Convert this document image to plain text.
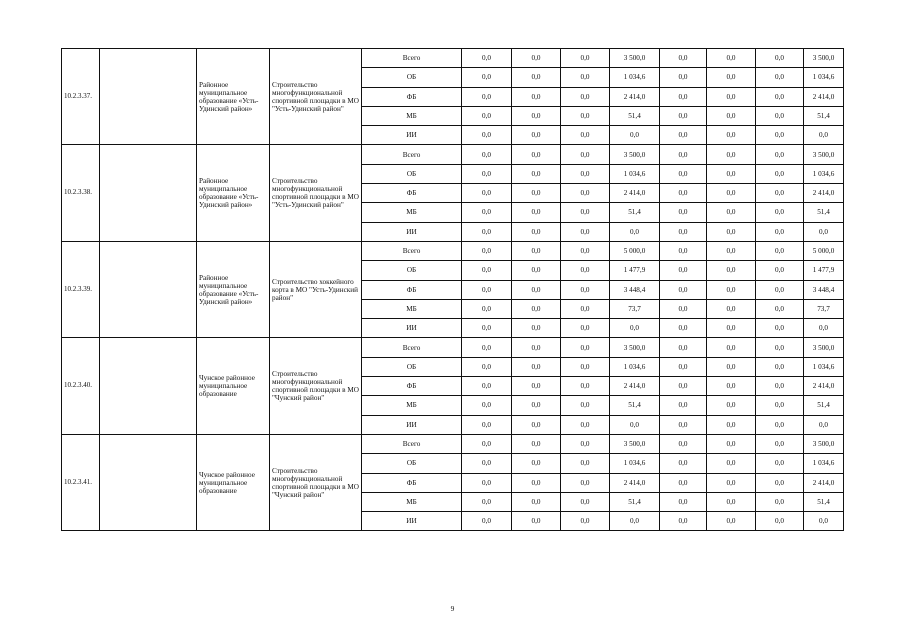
10.2.3.37.		Районное муниципальное образование «Усть-Удинский район»	Строительство многофункциональной спортивной площадки в МО "Усть-Удинский район"	Всего	0,0	0,0	0,0	3 500,0	0,0	0,0	0,0	3 500,0
				ОБ	0,0	0,0	0,0	1 034,6	0,0	0,0	0,0	1 034,6
				ФБ	0,0	0,0	0,0	2 414,0	0,0	0,0	0,0	2 414,0
				МБ	0,0	0,0	0,0	51,4	0,0	0,0	0,0	51,4
				ИИ	0,0	0,0	0,0	0,0	0,0	0,0	0,0	0,0
10.2.3.38.		Районное муниципальное образование «Усть-Удинский район»	Строительство многофункциональной спортивной площадки в МО "Усть-Удинский район"	Всего	0,0	0,0	0,0	3 500,0	0,0	0,0	0,0	3 500,0
				ОБ	0,0	0,0	0,0	1 034,6	0,0	0,0	0,0	1 034,6
				ФБ	0,0	0,0	0,0	2 414,0	0,0	0,0	0,0	2 414,0
				МБ	0,0	0,0	0,0	51,4	0,0	0,0	0,0	51,4
				ИИ	0,0	0,0	0,0	0,0	0,0	0,0	0,0	0,0
10.2.3.39.		Районное муниципальное образование «Усть-Удинский район»	Строительство хоккейного корта в МО "Усть-Удинский район"	Всего	0,0	0,0	0,0	5 000,0	0,0	0,0	0,0	5 000,0
				ОБ	0,0	0,0	0,0	1 477,9	0,0	0,0	0,0	1 477,9
				ФБ	0,0	0,0	0,0	3 448,4	0,0	0,0	0,0	3 448,4
				МБ	0,0	0,0	0,0	73,7	0,0	0,0	0,0	73,7
				ИИ	0,0	0,0	0,0	0,0	0,0	0,0	0,0	0,0
10.2.3.40.		Чунское районное муниципальное образование	Строительство многофункциональной спортивной площадки в МО "Чунский район"	Всего	0,0	0,0	0,0	3 500,0	0,0	0,0	0,0	3 500,0
				ОБ	0,0	0,0	0,0	1 034,6	0,0	0,0	0,0	1 034,6
				ФБ	0,0	0,0	0,0	2 414,0	0,0	0,0	0,0	2 414,0
				МБ	0,0	0,0	0,0	51,4	0,0	0,0	0,0	51,4
				ИИ	0,0	0,0	0,0	0,0	0,0	0,0	0,0	0,0
10.2.3.41.		Чунское районное муниципальное образование	Строительство многофункциональной спортивной площадки в МО "Чунский район"	Всего	0,0	0,0	0,0	3 500,0	0,0	0,0	0,0	3 500,0
				ОБ	0,0	0,0	0,0	1 034,6	0,0	0,0	0,0	1 034,6
				ФБ	0,0	0,0	0,0	2 414,0	0,0	0,0	0,0	2 414,0
				МБ	0,0	0,0	0,0	51,4	0,0	0,0	0,0	51,4
				ИИ	0,0	0,0	0,0	0,0	0,0	0,0	0,0	0,0
9
